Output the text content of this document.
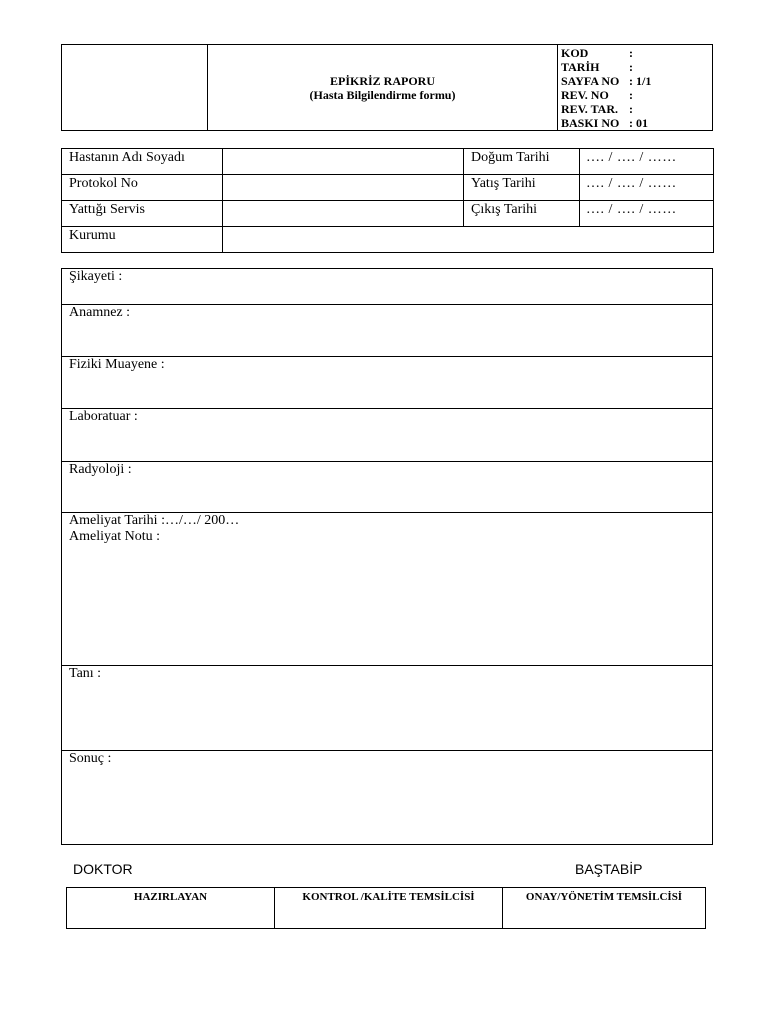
EPİKRİZ RAPORU
(Hasta Bilgilendirme formu)

KOD	:
TARİH :
SAYFA NO : 1/1
REV. NO :
REV. TAR. :
BASKI NO : 01
Hastanın Adı Soyadı		Doğum Tarihi	…. / …. / ……
Protokol No		Yatış Tarihi	…. / …. / ……
Yattığı Servis		Çıkış Tarihi	…. / …. / ……
Kurumu			
Şikayeti :
Anamnez :
Fiziki Muayene :
Laboratuar :
Radyoloji :

Ameliyat Tarihi :…/…/ 200…
Ameliyat Notu :

Tanı :
Sonuç :
DOKTOR	BAŞTABİP
HAZIRLAYAN	KONTROL /KALİTE TEMSİLCİSİ	ONAY/YÖNETİM TEMSİLCİSİ
